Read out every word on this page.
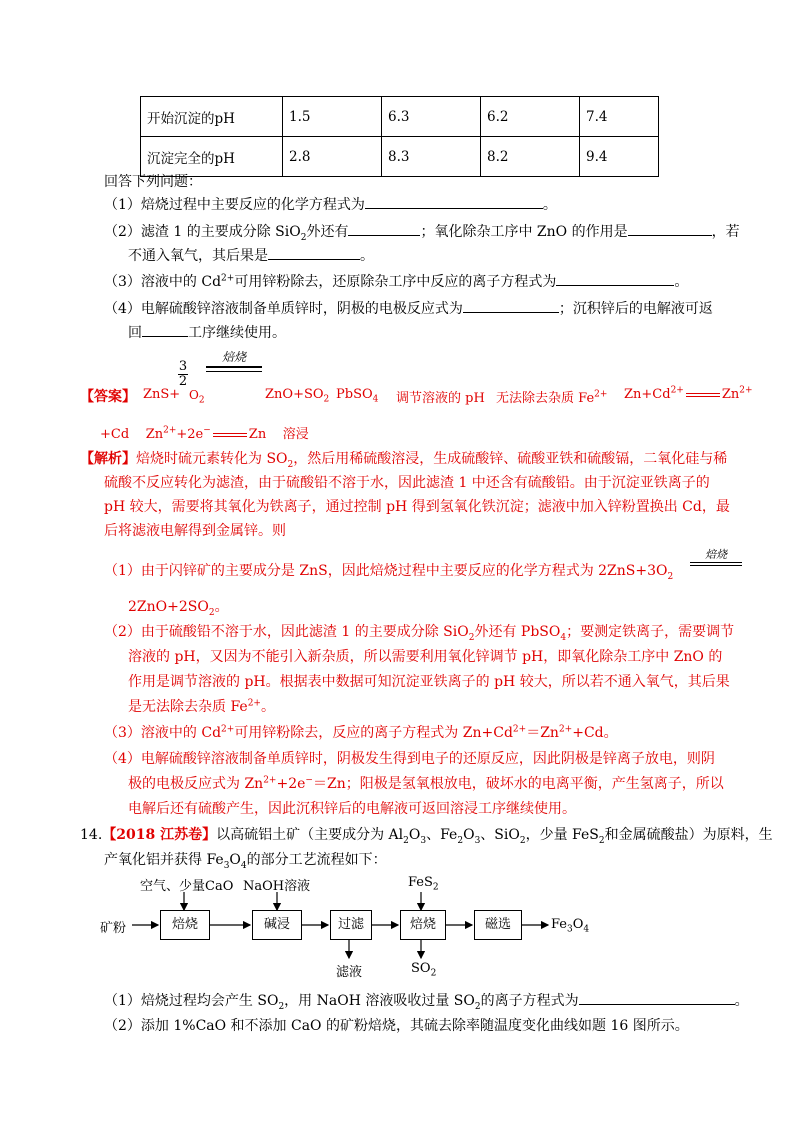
开始沉淀的pH	1.5	6.3	6.2	7.4
沉淀完全的pH	2.8	8.3	8.2	9.4
回答下列问题：
（1）焙烧过程中主要反应的化学方程式为	。
（2）滤渣 1 的主要成分除 SiO$_2$外还有	；氧化除杂工序中 ZnO 的作用是	，若
不通入氧气，其后果是	。
（3）溶液中的 $Cd^{2+}$可用锌粉除去，还原除杂工序中反应的离子方程式为	。
（4）电解硫酸锌溶液制备单质锌时，阴极的电极反应式为	；沉积锌后的电解液可返
回	工序继续使用。
【答案】 ZnS+
$\frac{3}{2}$
$O_2$
焙烧
$ZnO+SO_2$ PbSO$_4$ 调节溶液的 pH 无法除去杂质 $Fe^{2+}$ $Zn+Cd^{2+}$	$Zn^{2+}$
+Cd $Zn^{2+}+2e^-$	Zn 溶浸
【解析】焙烧时硫元素转化为 $SO_2$，然后用稀硫酸溶浸，生成硫酸锌、硫酸亚铁和硫酸镉，二氧化硅与稀
硫酸不反应转化为滤渣，由于硫酸铅不溶于水，因此滤渣 1 中还含有硫酸铅。由于沉淀亚铁离子的
pH 较大，需要将其氧化为铁离子，通过控制 pH 得到氢氧化铁沉淀；滤液中加入锌粉置换出 Cd，最
后将滤液电解得到金属锌。则
（1）由于闪锌矿的主要成分是 ZnS，因此焙烧过程中主要反应的化学方程式为 $2ZnS+3O_2$
焙烧
$2ZnO+2SO_2$。
（2）由于硫酸铅不溶于水，因此滤渣 1 的主要成分除 SiO$_2$外还有 PbSO$_4$；要测定铁离子，需要调节
溶液的 pH，又因为不能引入新杂质，所以需要利用氧化锌调节 pH，即氧化除杂工序中 ZnO 的
作用是调节溶液的 pH。根据表中数据可知沉淀亚铁离子的 pH 较大，所以若不通入氧气，其后果
是无法除去杂质 $Fe^{2+}$。
（3）溶液中的 $Cd^{2+}$可用锌粉除去，反应的离子方程式为 $Zn+Cd^{2+}=Zn^{2+}+Cd$。
（4）电解硫酸锌溶液制备单质锌时，阴极发生得到电子的还原反应，因此阴极是锌离子放电，则阴
极的电极反应式为 $Zn^{2+}+2e^-=Zn$；阳极是氢氧根放电，破坏水的电离平衡，产生氢离子，所以
电解后还有硫酸产生，因此沉积锌后的电解液可返回溶浸工序继续使用。
14.【2018 江苏卷】以高硫铝土矿（主要成分为 $Al_2O_3$、$Fe_2O_3$、SiO$_2$，少量 FeS$_2$和金属硫酸盐）为原料，生
产氧化铝并获得 $Fe_3O_4$的部分工艺流程如下：
空气、少量CaO NaOH溶液	FeS$_2$
矿粉	焙烧	碱浸	过滤	焙烧	磁选	$Fe_3O_4$
滤液	$SO_2$
（1）焙烧过程均会产生 $SO_2$，用 NaOH 溶液吸收过量 $SO_2$的离子方程式为	。
（2）添加 1%CaO 和不添加 CaO 的矿粉焙烧，其硫去除率随温度变化曲线如题 16 图所示。
